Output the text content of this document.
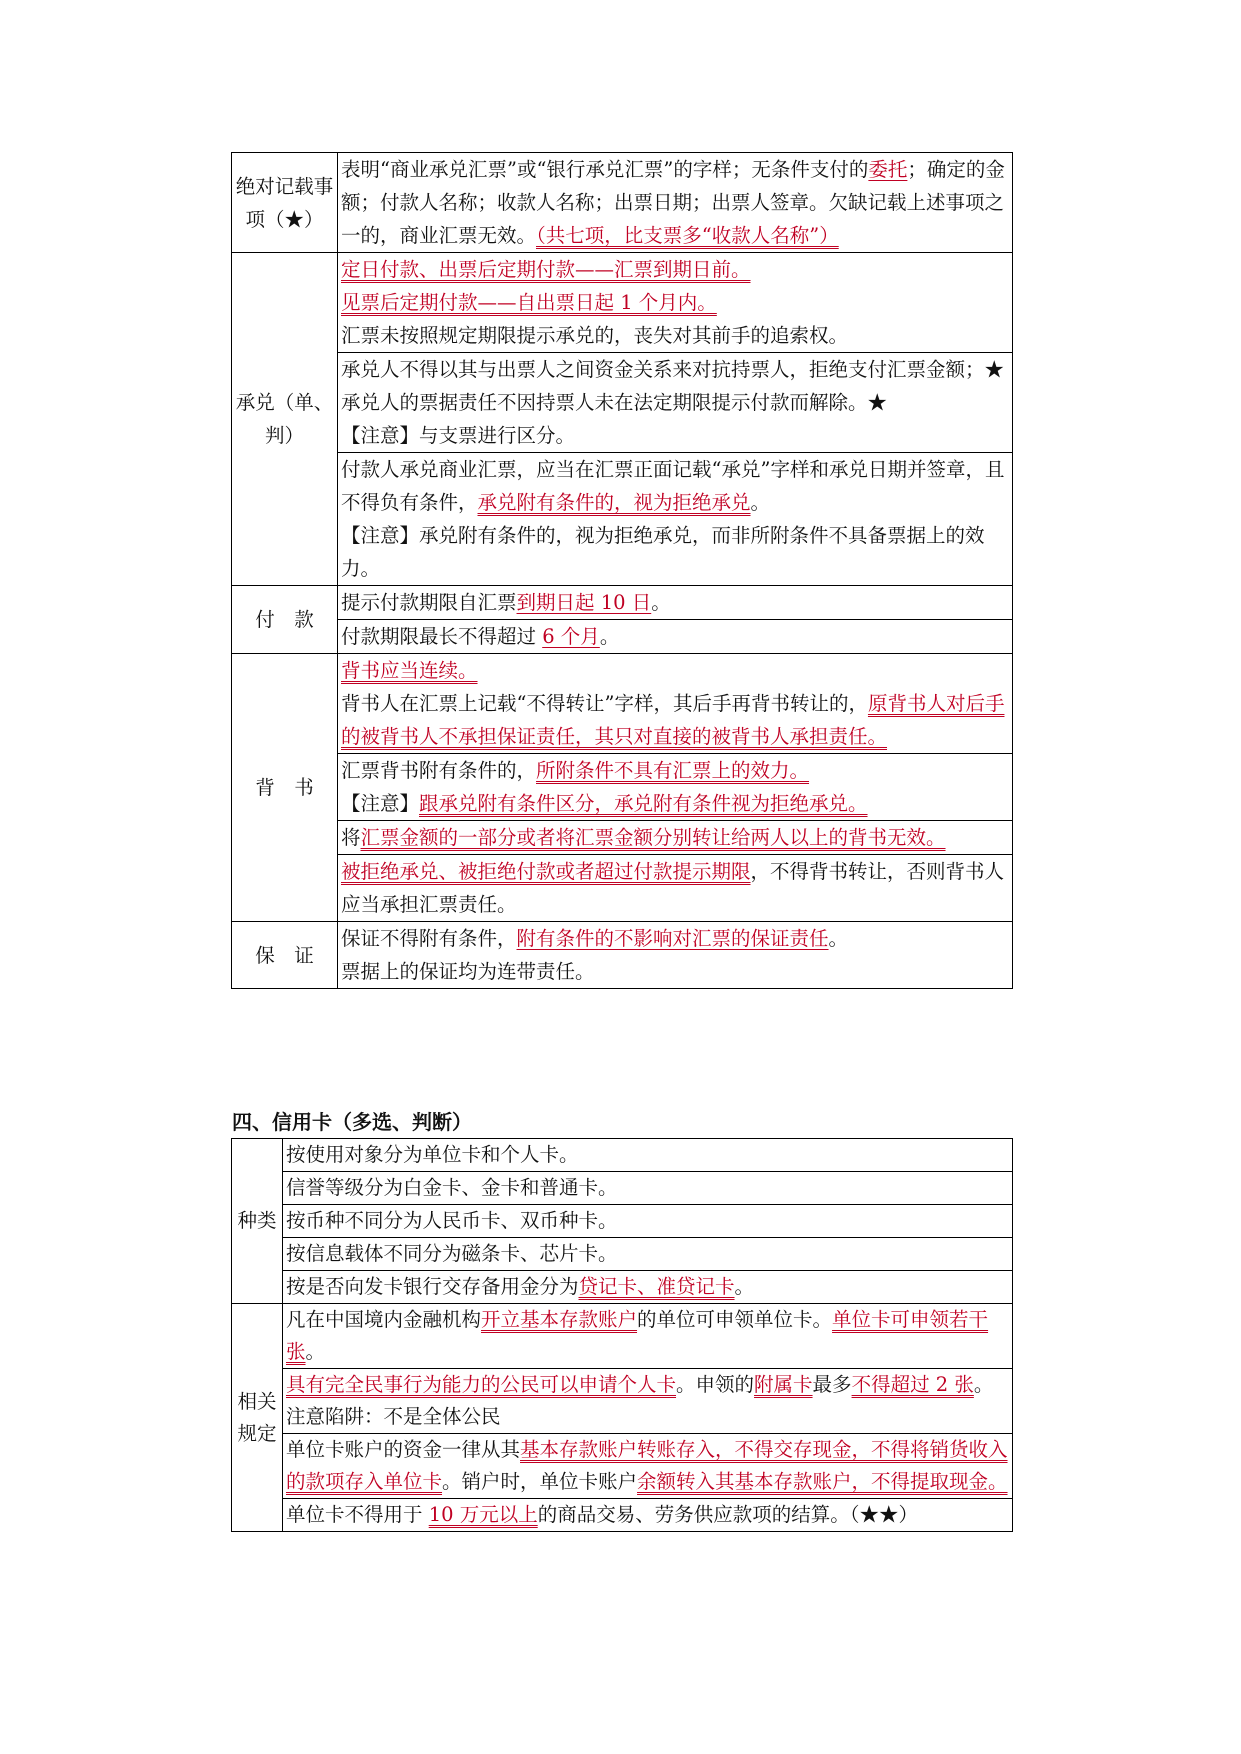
绝对记载事项（★）	表明“商业承兑汇票”或“银行承兑汇票”的字样；无条件支付的委托；确定的金额；付款人名称；收款人名称；出票日期；出票人签章。欠缺记载上述事项之一的，商业汇票无效。（共七项，比支票多“收款人名称”）
承兑（单、判）	定日付款、出票后定期付款——汇票到期日前。
见票后定期付款——自出票日起 1 个月内。
汇票未按照规定期限提示承兑的，丧失对其前手的追索权。

	承兑人不得以其与出票人之间资金关系来对抗持票人，拒绝支付汇票金额；★
承兑人的票据责任不因持票人未在法定期限提示付款而解除。★
【注意】与支票进行区分。

	付款人承兑商业汇票，应当在汇票正面记载“承兑”字样和承兑日期并签章，且不得负有条件，承兑附有条件的，视为拒绝承兑。
【注意】承兑附有条件的，视为拒绝承兑，而非所附条件不具备票据上的效力。

付　款	提示付款期限自汇票到期日起 10 日。
	付款期限最长不得超过 6 个月。
背　书	背书应当连续。
背书人在汇票上记载“不得转让”字样，其后手再背书转让的，原背书人对后手的被背书人不承担保证责任，其只对直接的被背书人承担责任。

	汇票背书附有条件的，所附条件不具有汇票上的效力。
【注意】跟承兑附有条件区分，承兑附有条件视为拒绝承兑。

	将汇票金额的一部分或者将汇票金额分别转让给两人以上的背书无效。
	被拒绝承兑、被拒绝付款或者超过付款提示期限，不得背书转让，否则背书人应当承担汇票责任。
保　证	保证不得附有条件，附有条件的不影响对汇票的保证责任。
票据上的保证均为连带责任。
四、信用卡（多选、判断）
种类	按使用对象分为单位卡和个人卡。
	信誉等级分为白金卡、金卡和普通卡。
	按币种不同分为人民币卡、双币种卡。
	按信息载体不同分为磁条卡、芯片卡。
	按是否向发卡银行交存备用金分为贷记卡、准贷记卡。
相关规定	凡在中国境内金融机构开立基本存款账户的单位可申领单位卡。单位卡可申领若干张。
	具有完全民事行为能力的公民可以申请个人卡。申领的附属卡最多不得超过 2 张。注意陷阱：不是全体公民
	单位卡账户的资金一律从其基本存款账户转账存入，不得交存现金，不得将销货收入的款项存入单位卡。销户时，单位卡账户余额转入其基本存款账户，不得提取现金。
	单位卡不得用于 10 万元以上的商品交易、劳务供应款项的结算。（★★）
